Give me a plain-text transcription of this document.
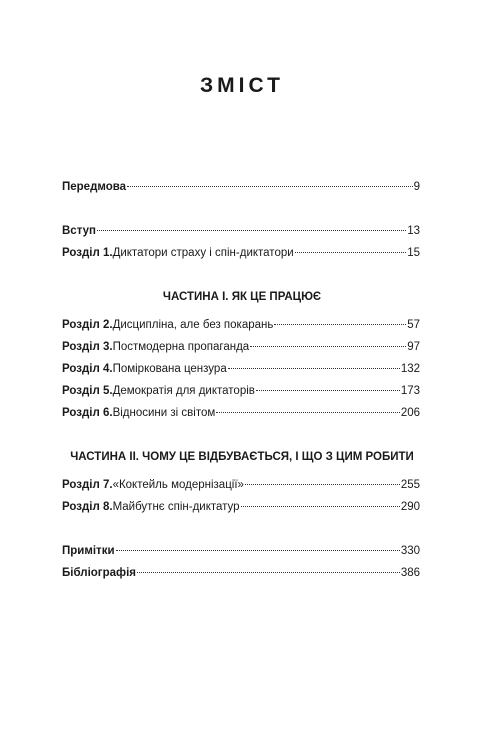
ЗМІСТ
Передмова	9
Вступ	13
Розділ 1. Диктатори страху і спін-диктатори	15
ЧАСТИНА І. ЯК ЦЕ ПРАЦЮЄ
Розділ 2. Дисципліна, але без покарань	57
Розділ 3. Постмодерна пропаганда	97
Розділ 4. Поміркована цензура	132
Розділ 5. Демократія для диктаторів	173
Розділ 6. Відносини зі світом	206
ЧАСТИНА ІІ. ЧОМУ ЦЕ ВІДБУВАЄТЬСЯ, І ЩО З ЦИМ РОБИТИ
Розділ 7. «Коктейль модернізації»	255
Розділ 8. Майбутнє спін-диктатур	290
Примітки	330
Бібліографія	386
